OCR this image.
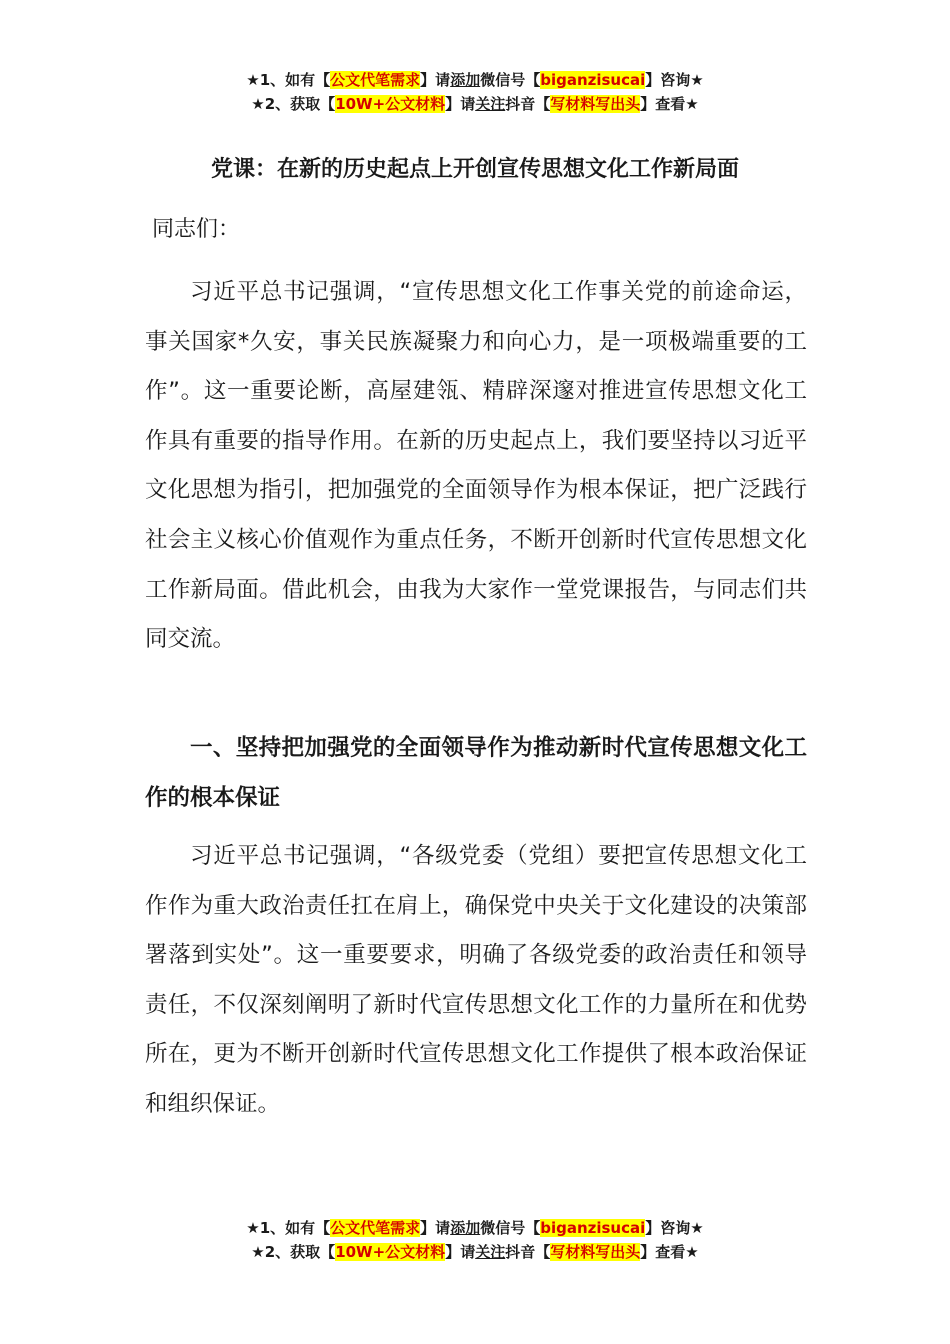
★1、如有【公文代笔需求】请添加微信号【biganzisucai】咨询★
★2、获取【10W+公文材料】请关注抖音【写材料写出头】查看★
党课：在新的历史起点上开创宣传思想文化工作新局面
同志们：

习近平总书记强调，“宣传思想文化工作事关党的前途命运，事关国家*久安，事关民族凝聚力和向心力，是一项极端重要的工作”。这一重要论断，高屋建瓴、精辟深邃对推进宣传思想文化工作具有重要的指导作用。在新的历史起点上，我们要坚持以习近平文化思想为指引，把加强党的全面领导作为根本保证，把广泛践行社会主义核心价值观作为重点任务，不断开创新时代宣传思想文化工作新局面。借此机会，由我为大家作一堂党课报告，与同志们共同交流。

一、坚持把加强党的全面领导作为推动新时代宣传思想文化工作的根本保证

习近平总书记强调，“各级党委（党组）要把宣传思想文化工作作为重大政治责任扛在肩上，确保党中央关于文化建设的决策部署落到实处”。这一重要要求，明确了各级党委的政治责任和领导责任，不仅深刻阐明了新时代宣传思想文化工作的力量所在和优势所在，更为不断开创新时代宣传思想文化工作提供了根本政治保证和组织保证。

★1、如有【公文代笔需求】请添加微信号【biganzisucai】咨询★
★2、获取【10W+公文材料】请关注抖音【写材料写出头】查看★
